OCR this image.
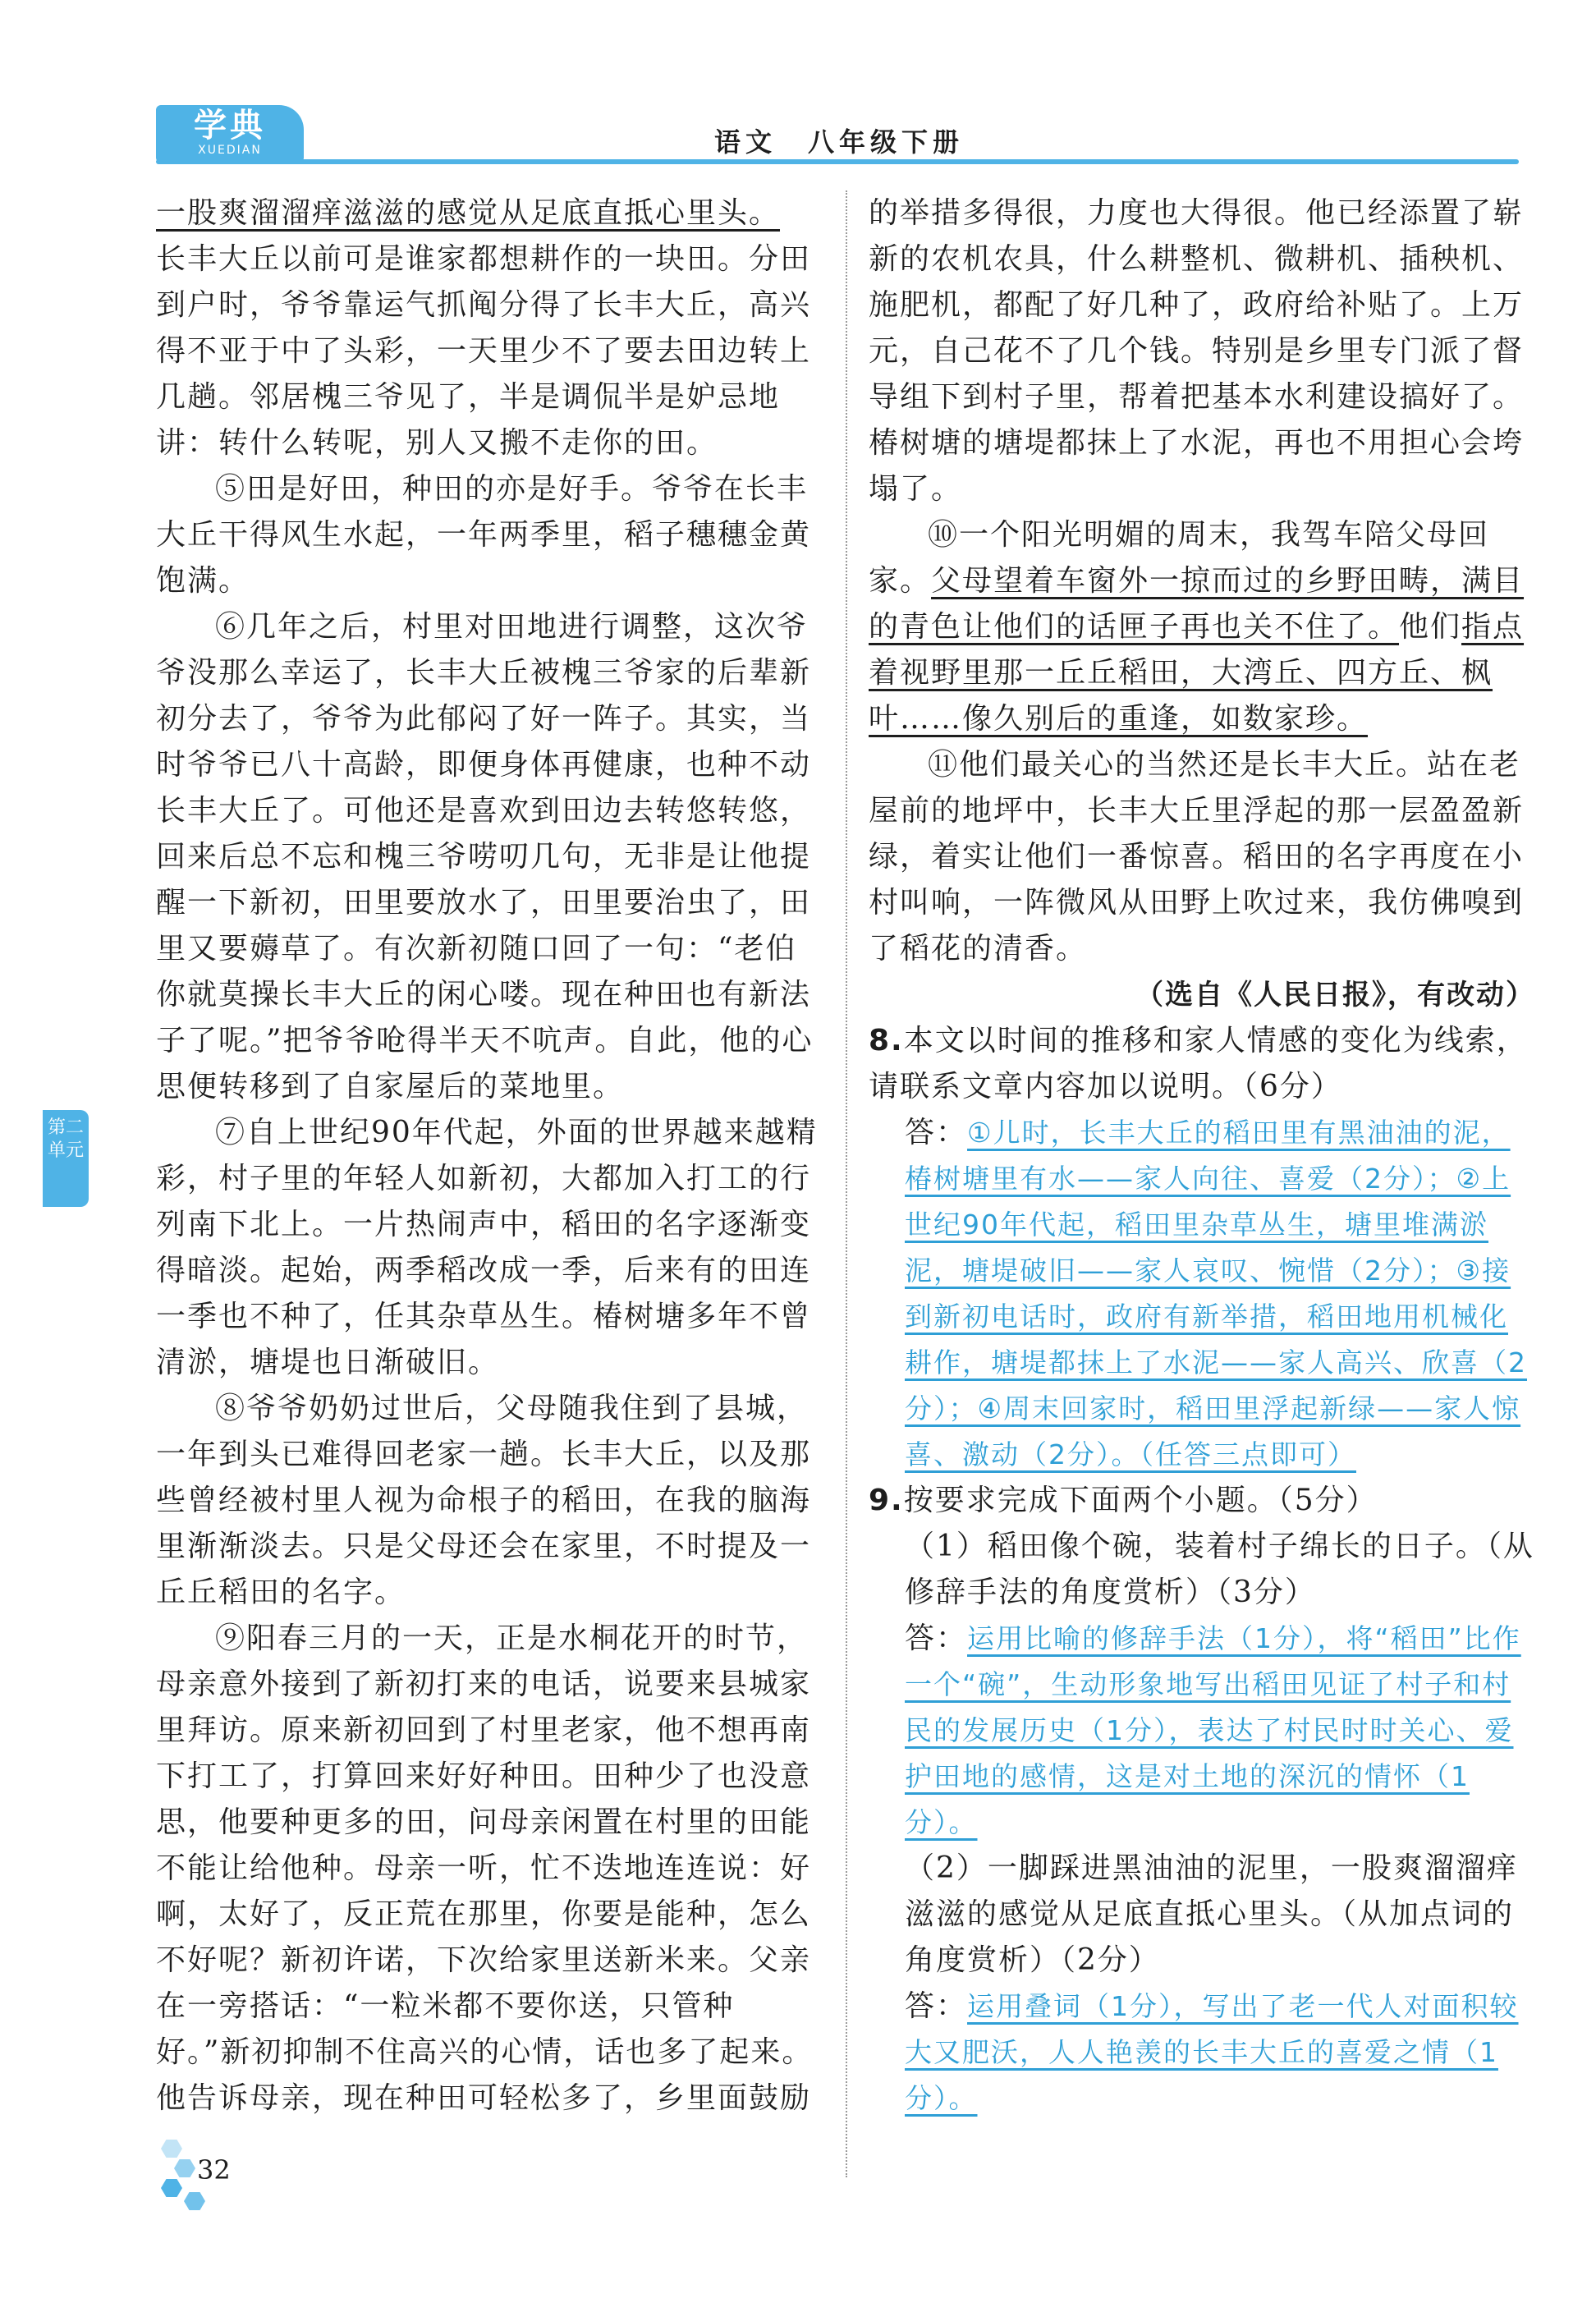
学典
XUEDIAN	语文　八年级下册
第二
单元

一股爽溜溜痒滋滋的感觉从足底直抵心里头。

长丰大丘以前可是谁家都想耕作的一块田。分田到户时，爷爷靠运气抓阄分得了长丰大丘，高兴得不亚于中了头彩，一天里少不了要去田边转上几趟。邻居槐三爷见了，半是调侃半是妒忌地讲：转什么转呢，别人又搬不走你的田。

⑤田是好田，种田的亦是好手。爷爷在长丰大丘干得风生水起，一年两季里，稻子穗穗金黄饱满。

⑥几年之后，村里对田地进行调整，这次爷爷没那么幸运了，长丰大丘被槐三爷家的后辈新初分去了，爷爷为此郁闷了好一阵子。其实，当时爷爷已八十高龄，即便身体再健康，也种不动长丰大丘了。可他还是喜欢到田边去转悠转悠，回来后总不忘和槐三爷唠叨几句，无非是让他提醒一下新初，田里要放水了，田里要治虫了，田里又要薅草了。有次新初随口回了一句：“老伯你就莫操长丰大丘的闲心喽。现在种田也有新法子了呢。”把爷爷呛得半天不吭声。自此，他的心思便转移到了自家屋后的菜地里。

⑦自上世纪90年代起，外面的世界越来越精彩，村子里的年轻人如新初，大都加入打工的行列南下北上。一片热闹声中，稻田的名字逐渐变得暗淡。起始，两季稻改成一季，后来有的田连一季也不种了，任其杂草丛生。椿树塘多年不曾清淤，塘堤也日渐破旧。

⑧爷爷奶奶过世后，父母随我住到了县城，一年到头已难得回老家一趟。长丰大丘，以及那些曾经被村里人视为命根子的稻田，在我的脑海里渐渐淡去。只是父母还会在家里，不时提及一丘丘稻田的名字。

⑨阳春三月的一天，正是水桐花开的时节，母亲意外接到了新初打来的电话，说要来县城家里拜访。原来新初回到了村里老家，他不想再南下打工了，打算回来好好种田。田种少了也没意思，他要种更多的田，问母亲闲置在村里的田能不能让给他种。母亲一听，忙不迭地连连说：好啊，太好了，反正荒在那里，你要是能种，怎么不好呢？新初许诺，下次给家里送新米来。父亲在一旁搭话：“一粒米都不要你送，只管种好。”新初抑制不住高兴的心情，话也多了起来。他告诉母亲，现在种田可轻松多了，乡里面鼓励

的举措多得很，力度也大得很。他已经添置了崭新的农机农具，什么耕整机、微耕机、插秧机、施肥机，都配了好几种了，政府给补贴了。上万元，自己花不了几个钱。特别是乡里专门派了督导组下到村子里，帮着把基本水利建设搞好了。椿树塘的塘堤都抹上了水泥，再也不用担心会垮塌了。

⑩一个阳光明媚的周末，我驾车陪父母回家。父母望着车窗外一掠而过的乡野田畴，满目的青色让他们的话匣子再也关不住了。他们指点着视野里那一丘丘稻田，大湾丘、四方丘、枫叶……像久别后的重逢，如数家珍。

⑪他们最关心的当然还是长丰大丘。站在老屋前的地坪中，长丰大丘里浮起的那一层盈盈新绿，着实让他们一番惊喜。稻田的名字再度在小村叫响，一阵微风从田野上吹过来，我仿佛嗅到了稻花的清香。

（选自《人民日报》，有改动）

8.本文以时间的推移和家人情感的变化为线索，请联系文章内容加以说明。（6分）

答：①儿时，长丰大丘的稻田里有黑油油的泥，椿树塘里有水——家人向往、喜爱（2分）；②上世纪90年代起，稻田里杂草丛生，塘里堆满淤泥，塘堤破旧——家人哀叹、惋惜（2分）；③接到新初电话时，政府有新举措，稻田地用机械化耕作，塘堤都抹上了水泥——家人高兴、欣喜（2分）；④周末回家时，稻田里浮起新绿——家人惊喜、激动（2分）。（任答三点即可）

9.按要求完成下面两个小题。（5分）

（1）稻田像个碗，装着村子绵长的日子。（从修辞手法的角度赏析）（3分）

答：运用比喻的修辞手法（1分），将“稻田”比作一个“碗”，生动形象地写出稻田见证了村子和村民的发展历史（1分），表达了村民时时关心、爱护田地的感情，这是对土地的深沉的情怀（1分）。

（2）一脚踩进黑油油的泥里，一股爽溜溜痒滋滋的感觉从足底直抵心里头。（从加点词的角度赏析）（2分）

答：运用叠词（1分），写出了老一代人对面积较大又肥沃，人人艳羡的长丰大丘的喜爱之情（1分）。

32
